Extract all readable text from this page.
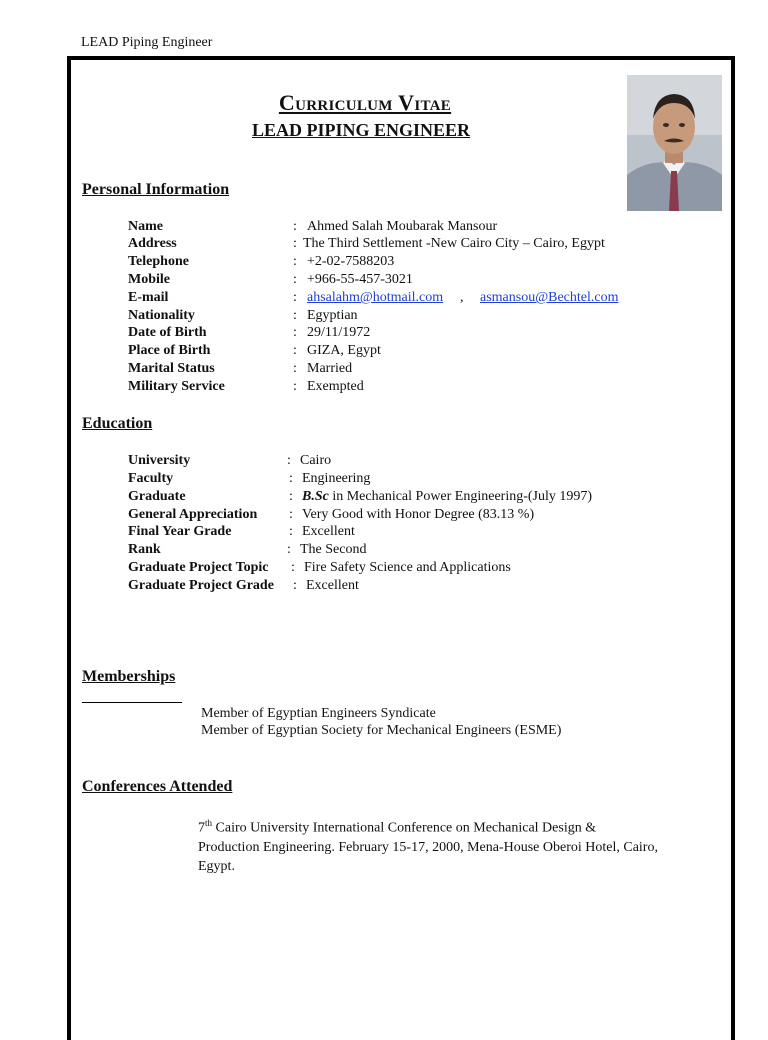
LEAD Piping Engineer
Curriculum Vitae
LEAD PIPING ENGINEER
Personal Information
Name	: Ahmed Salah Moubarak Mansour
Address	: The Third Settlement -New Cairo City – Cairo, Egypt
Telephone	: +2-02-7588203
Mobile	: +966-55-457-3021
E-mail	: ahsalahm@hotmail.com , asmansou@Bechtel.com
Nationality	: Egyptian
Date of Birth	: 29/11/1972
Place of Birth	: GIZA, Egypt
Marital Status	: Married
Military Service	: Exempted
Education
University	: Cairo
Faculty	: Engineering
Graduate	: B.Sc in Mechanical Power Engineering-(July 1997)
General Appreciation : Very Good with Honor Degree (83.13 %)
Final Year Grade	: Excellent
Rank	: The Second
Graduate Project Topic : Fire Safety Science and Applications
Graduate Project Grade : Excellent
Memberships
Member of Egyptian Engineers Syndicate
Member of Egyptian Society for Mechanical Engineers (ESME)
Conferences Attended
7th Cairo University International Conference on Mechanical Design & Production Engineering. February 15-17, 2000, Mena-House Oberoi Hotel, Cairo, Egypt.
